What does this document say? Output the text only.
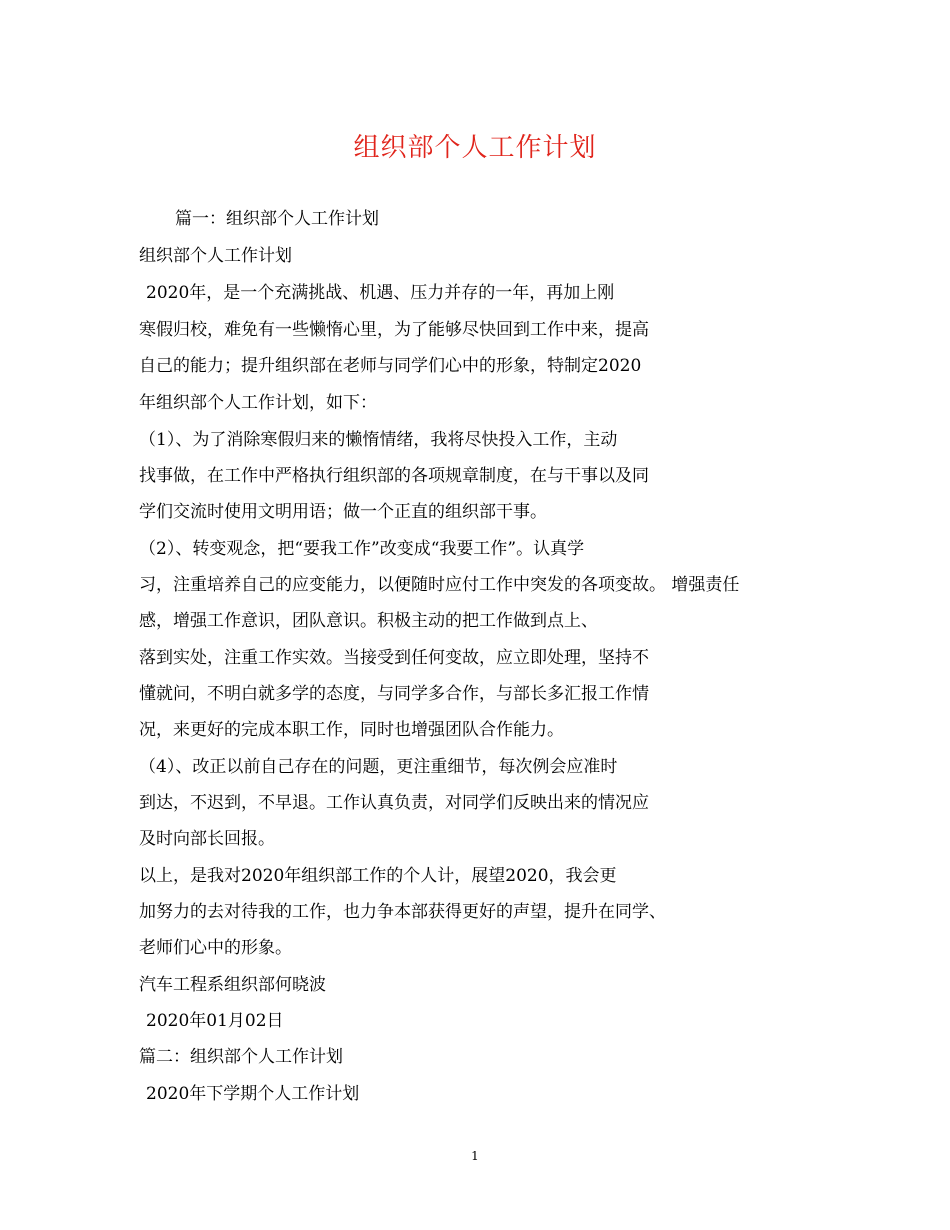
组织部个人工作计划
篇一：组织部个人工作计划
组织部个人工作计划
2020年，是一个充满挑战、机遇、压力并存的一年，再加上刚
寒假归校，难免有一些懒惰心里，为了能够尽快回到工作中来，提高
自己的能力；提升组织部在老师与同学们心中的形象，特制定2020
年组织部个人工作计划，如下：
（1）、为了消除寒假归来的懒惰情绪，我将尽快投入工作，主动
找事做，在工作中严格执行组织部的各项规章制度，在与干事以及同
学们交流时使用文明用语；做一个正直的组织部干事。
（2）、转变观念，把“要我工作”改变成“我要工作”。认真学
习，注重培养自己的应变能力，以便随时应付工作中突发的各项变故。 增强责任
感，增强工作意识，团队意识。积极主动的把工作做到点上、
落到实处，注重工作实效。当接受到任何变故，应立即处理，坚持不
懂就问，不明白就多学的态度，与同学多合作，与部长多汇报工作情
况，来更好的完成本职工作，同时也增强团队合作能力。
（4）、改正以前自己存在的问题，更注重细节，每次例会应准时
到达，不迟到，不早退。工作认真负责，对同学们反映出来的情况应
及时向部长回报。
以上，是我对2020年组织部工作的个人计，展望2020，我会更
加努力的去对待我的工作，也力争本部获得更好的声望，提升在同学、
老师们心中的形象。
汽车工程系组织部何晓波
2020年01月02日
篇二：组织部个人工作计划
2020年下学期个人工作计划
1
